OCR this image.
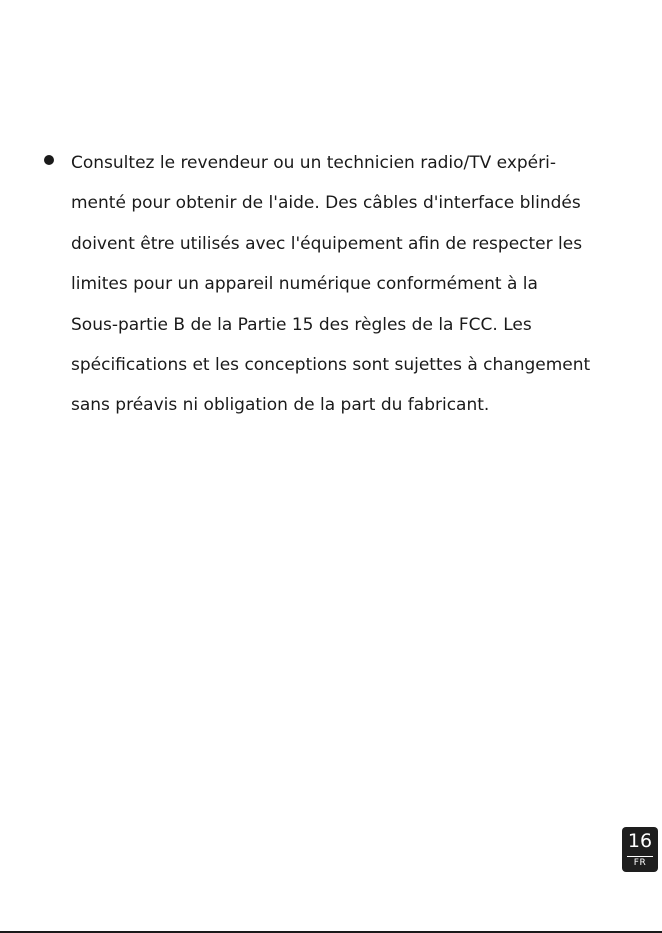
Consultez le revendeur ou un technicien radio/TV expéri-
menté pour obtenir de l'aide. Des câbles d'interface blindés
doivent être utilisés avec l'équipement afin de respecter les
limites pour un appareil numérique conformément à la
Sous-partie B de la Partie 15 des règles de la FCC. Les
spécifications et les conceptions sont sujettes à changement
sans préavis ni obligation de la part du fabricant.
16
FR
